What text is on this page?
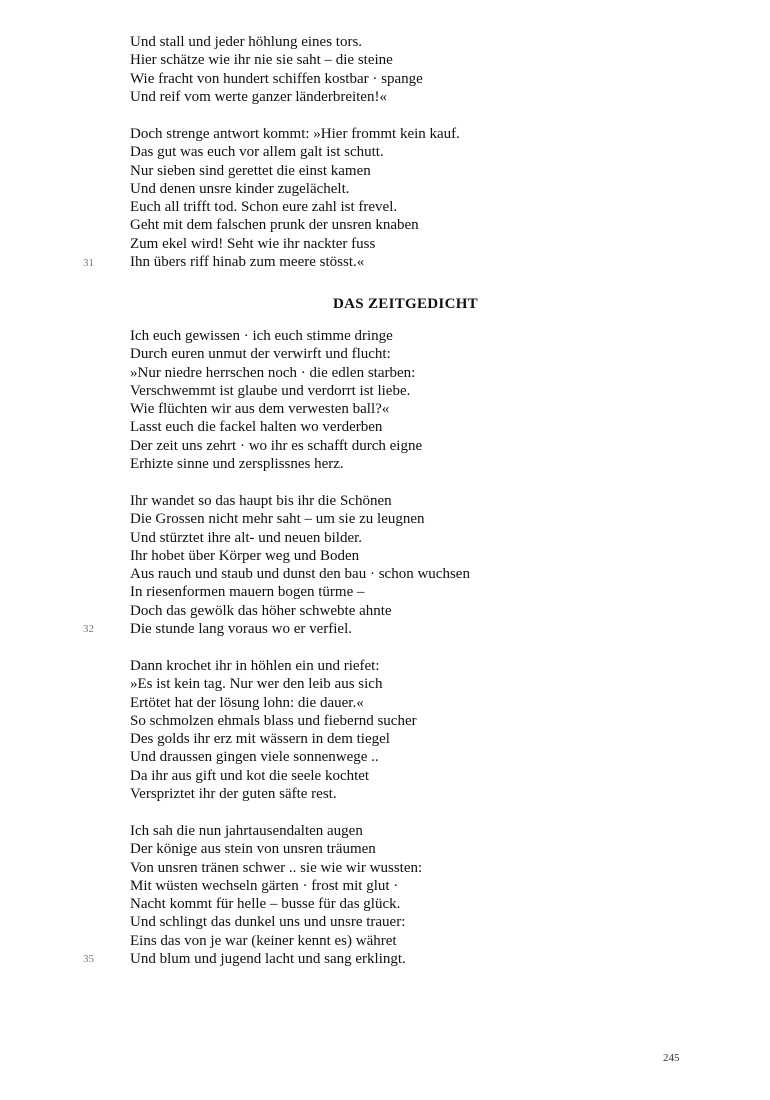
Und stall und jeder höhlung eines tors.
Hier schätze wie ihr nie sie saht – die steine
Wie fracht von hundert schiffen kostbar · spange
Und reif vom werte ganzer länderbreiten!«
Doch strenge antwort kommt: »Hier frommt kein kauf.
Das gut was euch vor allem galt ist schutt.
Nur sieben sind gerettet die einst kamen
Und denen unsre kinder zugelächelt.
Euch all trifft tod. Schon eure zahl ist frevel.
Geht mit dem falschen prunk der unsren knaben
Zum ekel wird! Seht wie ihr nackter fuss
Ihn übers riff hinab zum meere stösst.«
31
DAS ZEITGEDICHT
Ich euch gewissen · ich euch stimme dringe
Durch euren unmut der verwirft und flucht:
»Nur niedre herrschen noch · die edlen starben:
Verschwemmt ist glaube und verdorrt ist liebe.
Wie flüchten wir aus dem verwesten ball?«
Lasst euch die fackel halten wo verderben
Der zeit uns zehrt · wo ihr es schafft durch eigne
Erhizte sinne und zersplissnes herz.
Ihr wandet so das haupt bis ihr die Schönen
Die Grossen nicht mehr saht – um sie zu leugnen
Und stürztet ihre alt- und neuen bilder.
Ihr hobet über Körper weg und Boden
Aus rauch und staub und dunst den bau · schon wuchsen
In riesenformen mauern bogen türme –
Doch das gewölk das höher schwebte ahnte
Die stunde lang voraus wo er verfiel.
32
Dann krochet ihr in höhlen ein und riefet:
»Es ist kein tag. Nur wer den leib aus sich
Ertötet hat der lösung lohn: die dauer.«
So schmolzen ehmals blass und fiebernd sucher
Des golds ihr erz mit wässern in dem tiegel
Und draussen gingen viele sonnenwege ..
Da ihr aus gift und kot die seele kochtet
Verspriztet ihr der guten säfte rest.
Ich sah die nun jahrtausendalten augen
Der könige aus stein von unsren träumen
Von unsren tränen schwer .. sie wie wir wussten:
Mit wüsten wechseln gärten · frost mit glut ·
Nacht kommt für helle – busse für das glück.
Und schlingt das dunkel uns und unsre trauer:
Eins das von je war (keiner kennt es) währet
Und blum und jugend lacht und sang erklingt.
35
245
